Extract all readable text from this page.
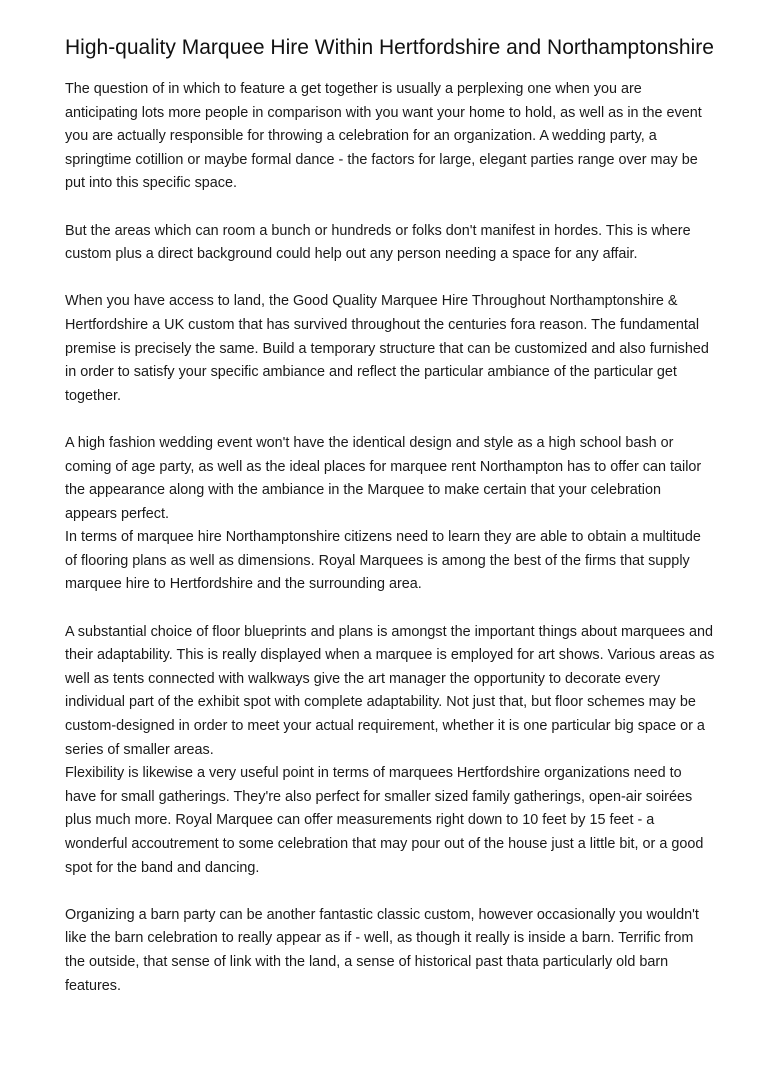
High-quality Marquee Hire Within Hertfordshire and Northamptonshire

The question of in which to feature a get together is usually a perplexing one when you are anticipating lots more people in comparison with you want your home to hold, as well as in the event you are actually responsible for throwing a celebration for an organization. A wedding party, a springtime cotillion or maybe formal dance - the factors for large, elegant parties range over may be put into this specific space.

But the areas which can room a bunch or hundreds or folks don't manifest in hordes. This is where custom plus a direct background could help out any person needing a space for any affair.

When you have access to land, the Good Quality Marquee Hire Throughout Northamptonshire & Hertfordshire a UK custom that has survived throughout the centuries fora reason. The fundamental premise is precisely the same. Build a temporary structure that can be customized and also furnished in order to satisfy your specific ambiance and reflect the particular ambiance of the particular get together.

A high fashion wedding event won't have the identical design and style as a high school bash or coming of age party, as well as the ideal places for marquee rent Northampton has to offer can tailor the appearance along with the ambiance in the Marquee to make certain that your celebration appears perfect.

In terms of marquee hire Northamptonshire citizens need to learn they are able to obtain a multitude of flooring plans as well as dimensions. Royal Marquees is among the best of the firms that supply marquee hire to Hertfordshire and the surrounding area.

A substantial choice of floor blueprints and plans is amongst the important things about marquees and their adaptability. This is really displayed when a marquee is employed for art shows. Various areas as well as tents connected with walkways give the art manager the opportunity to decorate every individual part of the exhibit spot with complete adaptability. Not just that, but floor schemes may be custom-designed in order to meet your actual requirement, whether it is one particular big space or a series of smaller areas.

Flexibility is likewise a very useful point in terms of marquees Hertfordshire organizations need to have for small gatherings. They're also perfect for smaller sized family gatherings, open-air soirées plus much more. Royal Marquee can offer measurements right down to 10 feet by 15 feet - a wonderful accoutrement to some celebration that may pour out of the house just a little bit, or a good spot for the band and dancing.

Organizing a barn party can be another fantastic classic custom, however occasionally you wouldn't like the barn celebration to really appear as if - well, as though it really is inside a barn. Terrific from the outside, that sense of link with the land, a sense of historical past thata particularly old barn features.
